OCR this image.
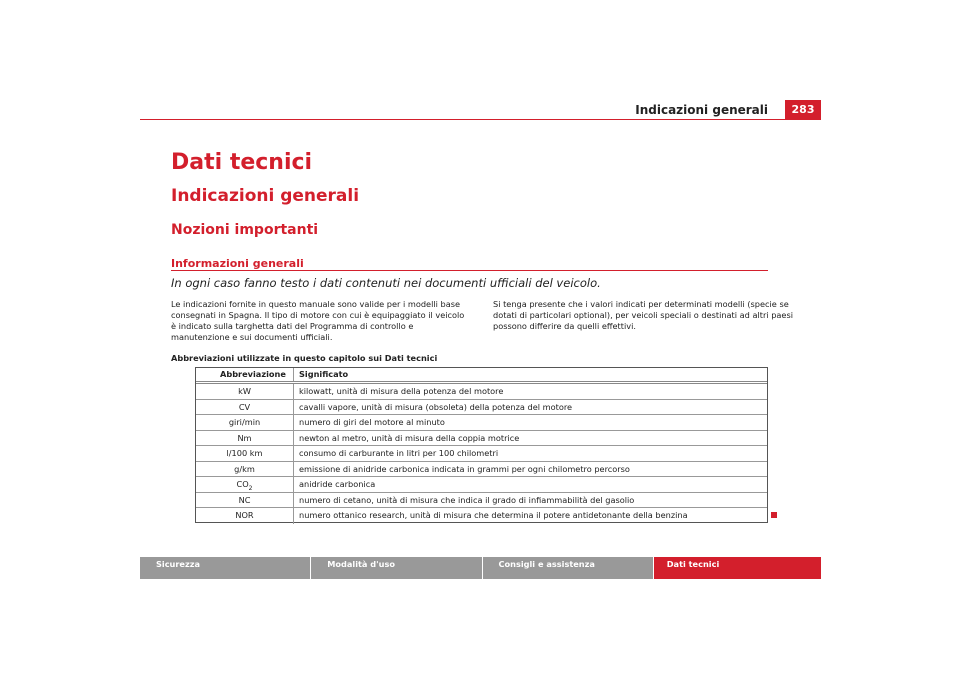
Indicazioni generali	283
Dati tecnici
Indicazioni generali
Nozioni importanti
Informazioni generali
In ogni caso fanno testo i dati contenuti nei documenti ufficiali del veicolo.
Le indicazioni fornite in questo manuale sono valide per i modelli base consegnati in Spagna. Il tipo di motore con cui è equipaggiato il veicolo è indicato sulla targhetta dati del Programma di controllo e manutenzione e sui documenti ufficiali.
Si tenga presente che i valori indicati per determinati modelli (specie se dotati di particolari optional), per veicoli speciali o destinati ad altri paesi possono differire da quelli effettivi.
Abbreviazioni utilizzate in questo capitolo sui Dati tecnici
Abbreviazione	Significato
kW	kilowatt, unità di misura della potenza del motore
CV	cavalli vapore, unità di misura (obsoleta) della potenza del motore
giri/min	numero di giri del motore al minuto
Nm	newton al metro, unità di misura della coppia motrice
l/100 km	consumo di carburante in litri per 100 chilometri
g/km	emissione di anidride carbonica indicata in grammi per ogni chilometro percorso
$CO_2$	anidride carbonica
NC	numero di cetano, unità di misura che indica il grado di infiammabilità del gasolio
NOR	numero ottanico research, unità di misura che determina il potere antidetonante della benzina
Sicurezza	Modalità d'uso	Consigli e assistenza	Dati tecnici
